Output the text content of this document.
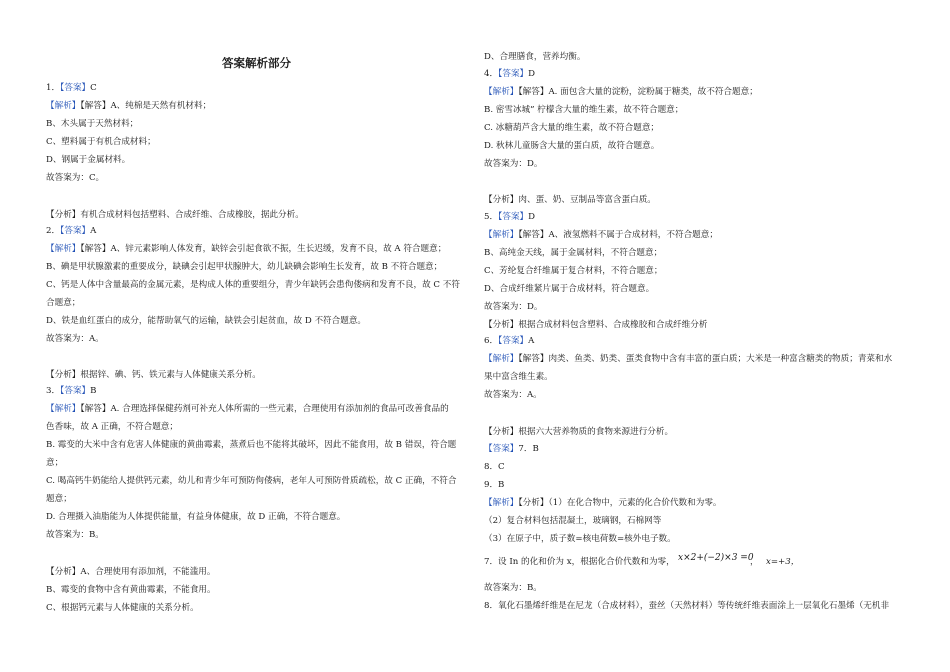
答案解析部分
1．【答案】C
【解析】【解答】A、纯棉是天然有机材料；
B、木头属于天然材料；
C、塑料属于有机合成材料；
D、钢属于金属材料。
故答案为：C。
【分析】有机合成材料包括塑料、合成纤维、合成橡胶，据此分析。
2．【答案】A
【解析】【解答】A、锌元素影响人体发育，缺锌会引起食欲不振，生长迟缓，发育不良，故 A 符合题意；
B、碘是甲状腺激素的重要成分，缺碘会引起甲状腺肿大，幼儿缺碘会影响生长发育，故 B 不符合题意；
C、钙是人体中含量最高的金属元素，是构成人体的重要组分，青少年缺钙会患佝偻病和发育不良，故 C 不符
合题意；
D、铁是血红蛋白的成分，能帮助氧气的运输，缺铁会引起贫血，故 D 不符合题意。
故答案为：A。
【分析】根据锌、碘、钙、铁元素与人体健康关系分析。
3．【答案】B
【解析】【解答】A. 合理选择保健药剂可补充人体所需的一些元素，合理使用有添加剂的食品可改善食品的
色香味，故 A 正确，不符合题意；
B. 霉变的大米中含有危害人体健康的黄曲霉素，蒸煮后也不能将其破坏，因此不能食用，故 B 错误，符合题
意；
C. 喝高钙牛奶能给人提供钙元素，幼儿和青少年可预防佝偻病，老年人可预防骨质疏松，故 C 正确，不符合
题意；
D. 合理摄入油脂能为人体提供能量，有益身体健康，故 D 正确，不符合题意。
故答案为：B。
【分析】A、合理使用有添加剂，不能滥用。
B、霉变的食物中含有黄曲霉素，不能食用。
C、根据钙元素与人体健康的关系分析。
D、合理膳食，营养均衡。
4．【答案】D
【解析】【解答】A. 面包含大量的淀粉，淀粉属于糖类，故不符合题意；
B. 密雪冰城” 柠檬含大量的维生素，故不符合题意；
C. 冰糖葫芦含大量的维生素，故不符合题意；
D. 秋林儿童肠含大量的蛋白质，故符合题意。
故答案为：D。
【分析】肉、蛋、奶、豆制品等富含蛋白质。
5．【答案】D
【解析】【解答】A、液氢燃料不属于合成材料，不符合题意；
B、高纯金天线，属于金属材料，不符合题意；
C、芳纶复合纤维属于复合材料，不符合题意；
D、合成纤维紧片属于合成材料，符合题意。
故答案为：D。
【分析】根据合成材料包含塑料、合成橡胶和合成纤维分析
6．【答案】A
【解析】【解答】肉类、鱼类、奶类、蛋类食物中含有丰富的蛋白质；大米是一种富含糖类的物质；青菜和水
果中富含维生素。
故答案为：A。
【分析】根据六大营养物质的食物来源进行分析。
【答案】7．B
8．C
9．B
【解析】【分析】（1）在化合物中，元素的化合价代数和为零。
（2）复合材料包括混凝土，玻璃钢，石棉网等
（3）在原子中，质子数=核电荷数=核外电子数。
7．设 In 的化和价为 x，根据化合价代数和为零， x×2+(−2)×3 =0
， x=+3，
故答案为：B。
8．氧化石墨烯纤维是在尼龙（合成材料），蚕丝（天然材料）等传统纤维表面涂上一层氧化石墨烯（无机非
